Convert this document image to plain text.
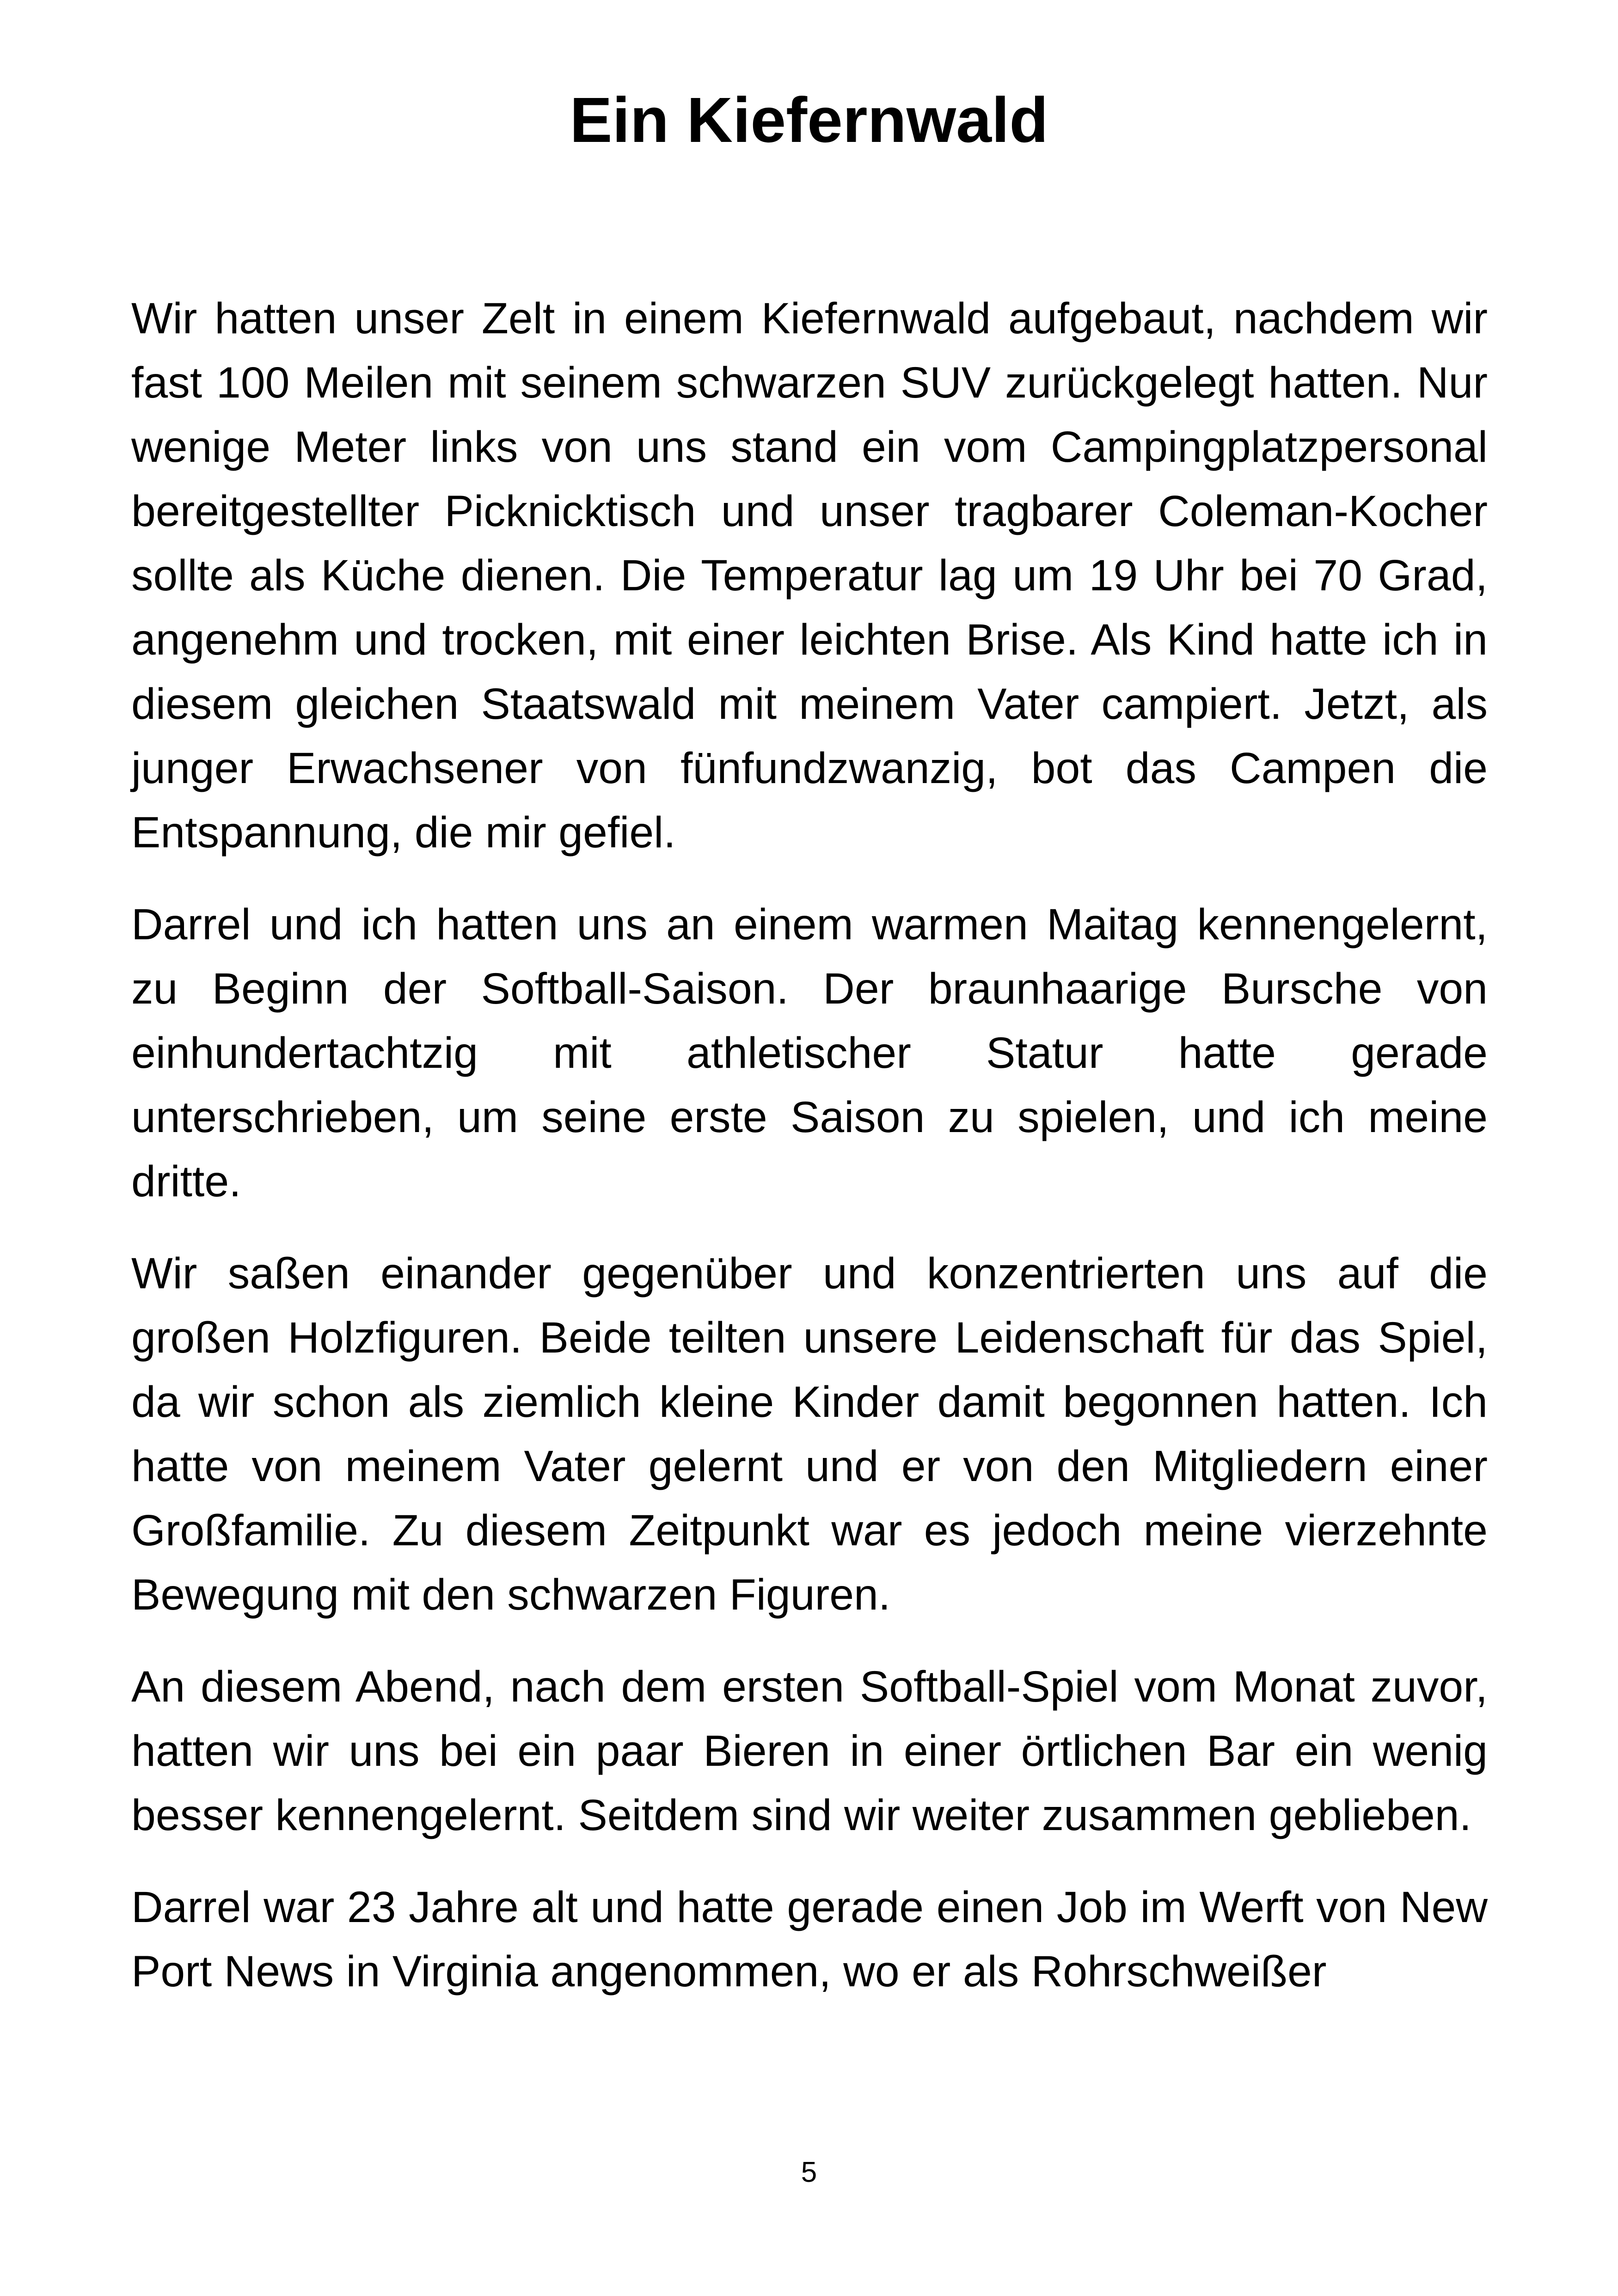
Ein Kiefernwald

Wir hatten unser Zelt in einem Kiefernwald aufgebaut, nachdem wir fast 100 Meilen mit seinem schwarzen SUV zurückgelegt hatten. Nur wenige Meter links von uns stand ein vom Campingplatzpersonal bereitgestellter Picknicktisch und unser tragbarer Coleman-Kocher sollte als Küche dienen. Die Temperatur lag um 19 Uhr bei 70 Grad, angenehm und trocken, mit einer leichten Brise. Als Kind hatte ich in diesem gleichen Staatswald mit meinem Vater campiert. Jetzt, als junger Erwachsener von fünfundzwanzig, bot das Campen die Entspannung, die mir gefiel.

Darrel und ich hatten uns an einem warmen Maitag kennengelernt, zu Beginn der Softball-Saison. Der braunhaarige Bursche von einhundertachtzig mit athletischer Statur hatte gerade unterschrieben, um seine erste Saison zu spielen, und ich meine dritte.

Wir saßen einander gegenüber und konzentrierten uns auf die großen Holzfiguren. Beide teilten unsere Leidenschaft für das Spiel, da wir schon als ziemlich kleine Kinder damit begonnen hatten. Ich hatte von meinem Vater gelernt und er von den Mitgliedern einer Großfamilie. Zu diesem Zeitpunkt war es jedoch meine vierzehnte Bewegung mit den schwarzen Figuren.

An diesem Abend, nach dem ersten Softball-Spiel vom Monat zuvor, hatten wir uns bei ein paar Bieren in einer örtlichen Bar ein wenig besser kennengelernt. Seitdem sind wir weiter zusammen geblieben.

Darrel war 23 Jahre alt und hatte gerade einen Job im Werft von New Port News in Virginia angenommen, wo er als Rohrschweißer

5
